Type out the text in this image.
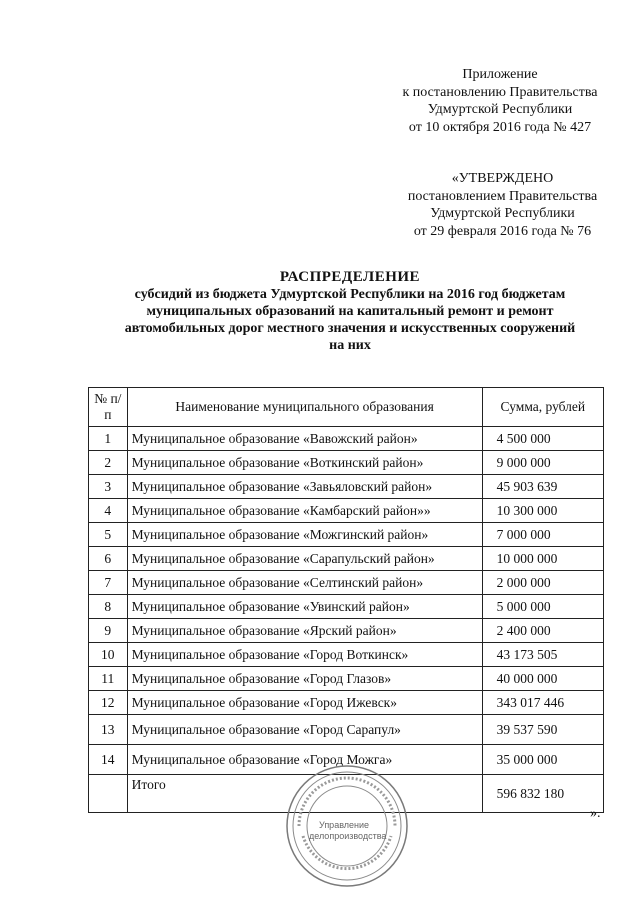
Приложение
к постановлению Правительства
Удмуртской Республики
от 10 октября 2016 года № 427
«УТВЕРЖДЕНО
постановлением Правительства
Удмуртской Республики
от 29 февраля 2016 года № 76
РАСПРЕДЕЛЕНИЕ
субсидий из бюджета Удмуртской Республики на 2016 год бюджетам
муниципальных образований на капитальный ремонт и ремонт
автомобильных дорог местного значения и искусственных сооружений
на них
№ п/п	Наименование муниципального образования	Сумма, рублей
1	Муниципальное образование «Вавожский район»	4 500 000
2	Муниципальное образование «Воткинский район»	9 000 000
3	Муниципальное образование «Завьяловский район»	45 903 639
4	Муниципальное образование «Камбарский район»»	10 300 000
5	Муниципальное образование «Можгинский район»	7 000 000
6	Муниципальное образование «Сарапульский район»	10 000 000
7	Муниципальное образование «Селтинский район»	2 000 000
8	Муниципальное образование «Увинский район»	5 000 000
9	Муниципальное образование «Ярский район»	2 400 000
10	Муниципальное образование «Город Воткинск»	43 173 505
11	Муниципальное образование «Город Глазов»	40 000 000
12	Муниципальное образование «Город Ижевск»	343 017 446
13	Муниципальное образование «Город Сарапул»	39 537 590
14	Муниципальное образование «Город Можга»	35 000 000
	Итого	596 832 180
Управление
делопроизводства
».
